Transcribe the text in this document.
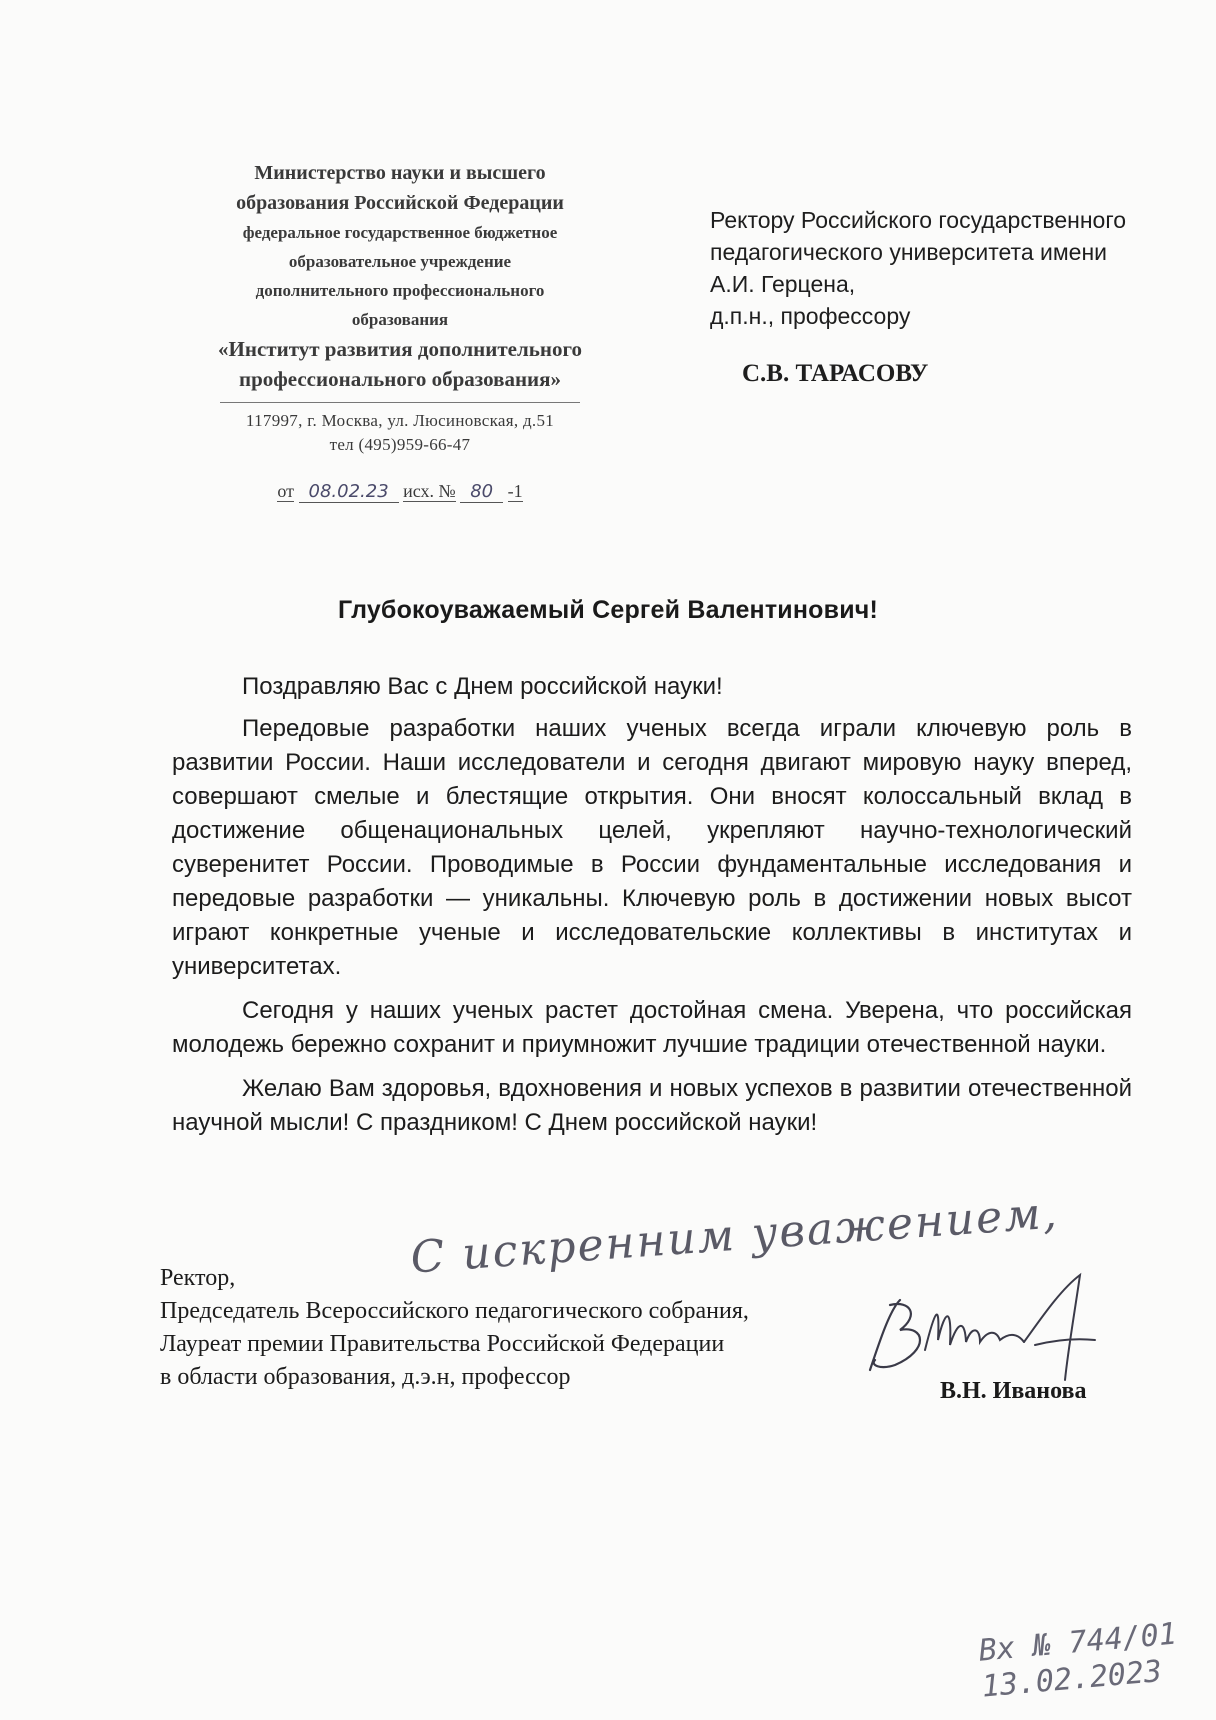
Министерство науки и высшего
образования Российской Федерации
федеральное государственное бюджетное
образовательное учреждение
дополнительного профессионального
образования
«Институт развития дополнительного
профессионального образования»
117997, г. Москва, ул. Люсиновская, д.51
тел (495)959-66-47
от 08.02.23 исх. № 80 -1
Ректору Российского государственного
педагогического университета имени
А.И. Герцена,
д.п.н., профессору
С.В. ТАРАСОВУ
Глубокоуважаемый Сергей Валентинович!

Поздравляю Вас с Днем российской науки!

Передовые разработки наших ученых всегда играли ключевую роль в развитии России. Наши исследователи и сегодня двигают мировую науку вперед, совершают смелые и блестящие открытия. Они вносят колоссальный вклад в достижение общенациональных целей, укрепляют научно-технологический суверенитет России. Проводимые в России фундаментальные исследования и передовые разработки — уникальны. Ключевую роль в достижении новых высот играют конкретные ученые и исследовательские коллективы в институтах и университетах.

Сегодня у наших ученых растет достойная смена. Уверена, что российская молодежь бережно сохранит и приумножит лучшие традиции отечественной науки.

Желаю Вам здоровья, вдохновения и новых успехов в развитии отечественной научной мысли! С праздником! С Днем российской науки!

С искренним уважением,
Ректор,
Председатель Всероссийского педагогического собрания,
Лауреат премии Правительства Российской Федерации
в области образования, д.э.н, профессор
В.Н. Иванова
Вх № 744/01
13.02.2023
